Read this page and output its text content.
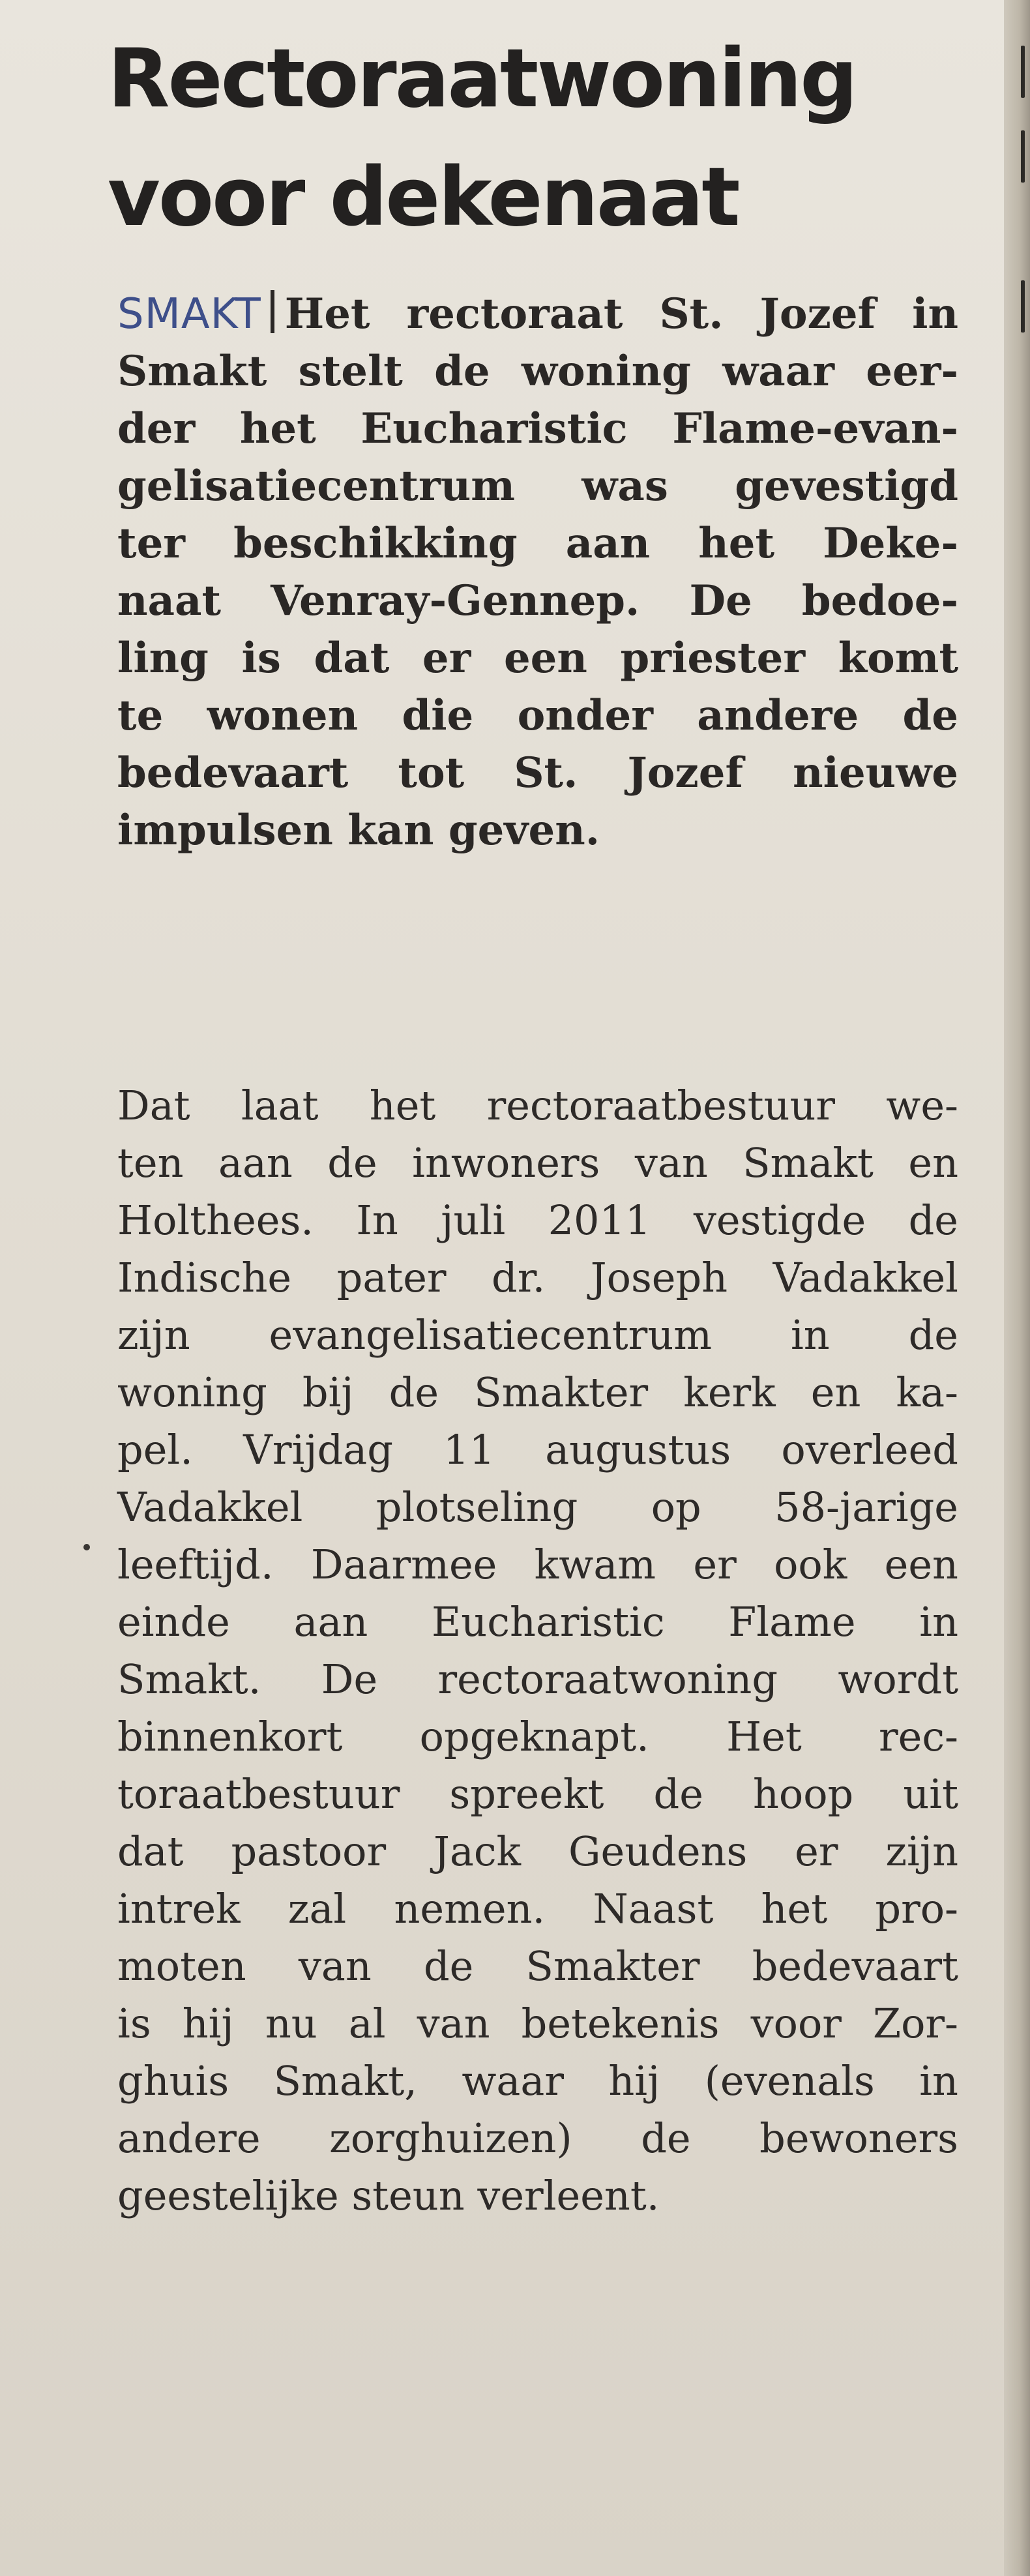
Rectoraatwoning
voor dekenaat
SMAKT Het rectoraat St. Jozef in
Smakt stelt de woning waar eer-
der het Eucharistic Flame-evan-
gelisatiecentrum was gevestigd
ter beschikking aan het Deke-
naat Venray-Gennep. De bedoe-
ling is dat er een priester komt
te wonen die onder andere de
bedevaart tot St. Jozef nieuwe
impulsen kan geven.
Dat laat het rectoraatbestuur we-
ten aan de inwoners van Smakt en
Holthees. In juli 2011 vestigde de
Indische pater dr. Joseph Vadakkel
zijn evangelisatiecentrum in de
woning bij de Smakter kerk en ka-
pel. Vrijdag 11 augustus overleed
Vadakkel plotseling op 58-jarige
leeftijd. Daarmee kwam er ook een
einde aan Eucharistic Flame in
Smakt. De rectoraatwoning wordt
binnenkort opgeknapt. Het rec-
toraatbestuur spreekt de hoop uit
dat pastoor Jack Geudens er zijn
intrek zal nemen. Naast het pro-
moten van de Smakter bedevaart
is hij nu al van betekenis voor Zor-
ghuis Smakt, waar hij (evenals in
andere zorghuizen) de bewoners
geestelijke steun verleent.
